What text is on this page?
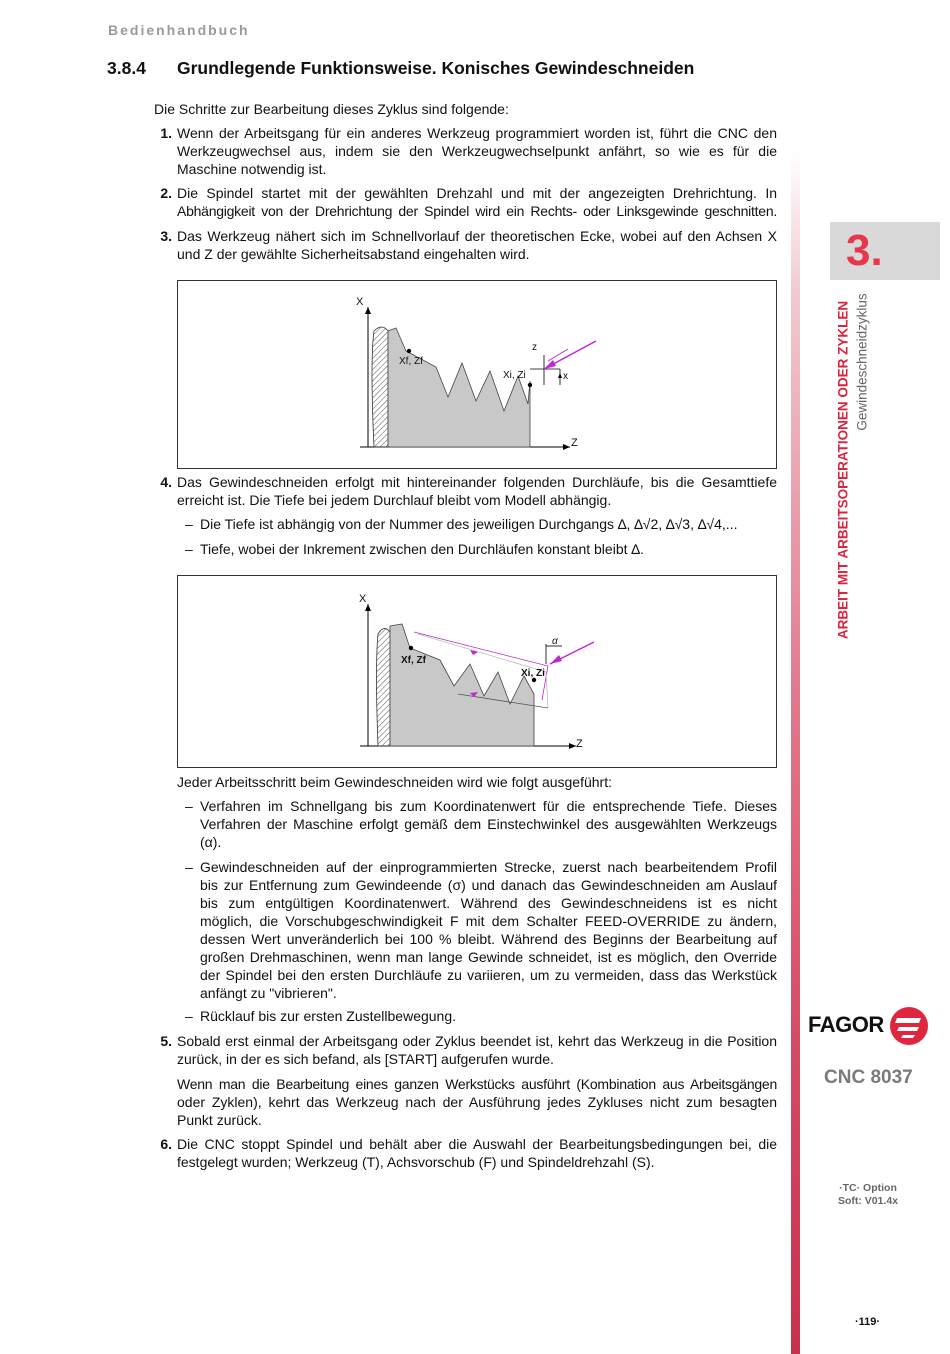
Bedienhandbuch
3.8.4 Grundlegende Funktionsweise. Konisches Gewindeschneiden
Die Schritte zur Bearbeitung dieses Zyklus sind folgende:
1. Wenn der Arbeitsgang für ein anderes Werkzeug programmiert worden ist, führt die CNC den
Werkzeugwechsel aus, indem sie den Werkzeugwechselpunkt anfährt, so wie es für die
Maschine notwendig ist.
2. Die Spindel startet mit der gewählten Drehzahl und mit der angezeigten Drehrichtung. In
Abhängigkeit von der Drehrichtung der Spindel wird ein Rechts- oder Linksgewinde geschnitten.
3. Das Werkzeug nähert sich im Schnellvorlauf der theoretischen Ecke, wobei auf den Achsen X
und Z der gewählte Sicherheitsabstand eingehalten wird.
X
Z
Xf, Zf
Xi, Zi
z
x
4. Das Gewindeschneiden erfolgt mit hintereinander folgenden Durchläufe, bis die Gesamttiefe
erreicht ist. Die Tiefe bei jedem Durchlauf bleibt vom Modell abhängig.
– Die Tiefe ist abhängig von der Nummer des jeweiligen Durchgangs ∆, ∆√2, ∆√3, ∆√4,...
– Tiefe, wobei der Inkrement zwischen den Durchläufen konstant bleibt ∆.
X
Z
Xf, Zf
Xi, Zi
α
Jeder Arbeitsschritt beim Gewindeschneiden wird wie folgt ausgeführt:
– Verfahren im Schnellgang bis zum Koordinatenwert für die entsprechende Tiefe. Dieses
Verfahren der Maschine erfolgt gemäß dem Einstechwinkel des ausgewählten Werkzeugs
(α).
– Gewindeschneiden auf der einprogrammierten Strecke, zuerst nach bearbeitendem Profil
bis zur Entfernung zum Gewindeende (σ) und danach das Gewindeschneiden am Auslauf
bis zum entgültigen Koordinatenwert. Während des Gewindeschneidens ist es nicht
möglich, die Vorschubgeschwindigkeit F mit dem Schalter FEED-OVERRIDE zu ändern,
dessen Wert unveränderlich bei 100 % bleibt. Während des Beginns der Bearbeitung auf
großen Drehmaschinen, wenn man lange Gewinde schneidet, ist es möglich, den Override
der Spindel bei den ersten Durchläufe zu variieren, um zu vermeiden, dass das Werkstück
anfängt zu "vibrieren".
– Rücklauf bis zur ersten Zustellbewegung.
5. Sobald erst einmal der Arbeitsgang oder Zyklus beendet ist, kehrt das Werkzeug in die Position
zurück, in der es sich befand, als [START] aufgerufen wurde.
Wenn man die Bearbeitung eines ganzen Werkstücks ausführt (Kombination aus Arbeitsgängen
oder Zyklen), kehrt das Werkzeug nach der Ausführung jedes Zykluses nicht zum besagten
Punkt zurück.
6. Die CNC stoppt Spindel und behält aber die Auswahl der Bearbeitungsbedingungen bei, die
festgelegt wurden; Werkzeug (T), Achsvorschub (F) und Spindeldrehzahl (S).
3.
ARBEIT MIT ARBEITSOPERATIONEN ODER ZYKLEN Gewindeschneidzyklus
FAGOR
CNC 8037
·TC· Option
Soft: V01.4x
·119·
